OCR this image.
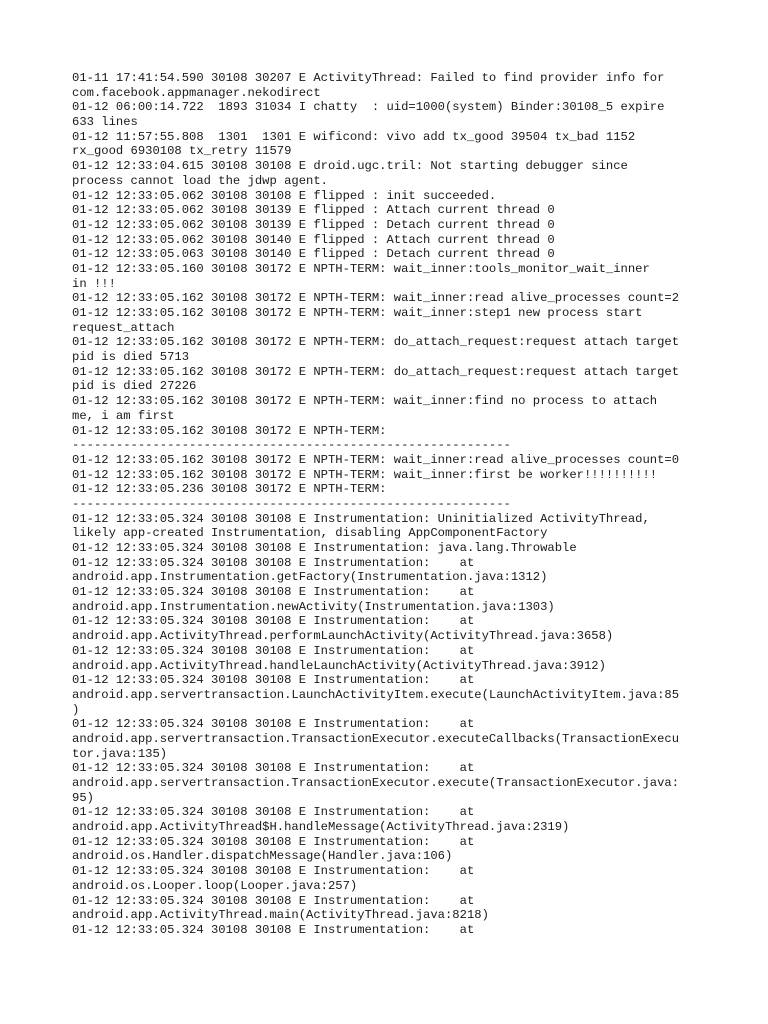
01-11 17:41:54.590 30108 30207 E ActivityThread: Failed to find provider info for
com.facebook.appmanager.nekodirect
01-12 06:00:14.722  1893 31034 I chatty  : uid=1000(system) Binder:30108_5 expire
633 lines
01-12 11:57:55.808  1301  1301 E wificond: vivo add tx_good 39504 tx_bad 1152
rx_good 6930108 tx_retry 11579
01-12 12:33:04.615 30108 30108 E droid.ugc.tril: Not starting debugger since
process cannot load the jdwp agent.
01-12 12:33:05.062 30108 30108 E flipped : init succeeded.
01-12 12:33:05.062 30108 30139 E flipped : Attach current thread 0
01-12 12:33:05.062 30108 30139 E flipped : Detach current thread 0
01-12 12:33:05.062 30108 30140 E flipped : Attach current thread 0
01-12 12:33:05.063 30108 30140 E flipped : Detach current thread 0
01-12 12:33:05.160 30108 30172 E NPTH-TERM: wait_inner:tools_monitor_wait_inner
in !!!
01-12 12:33:05.162 30108 30172 E NPTH-TERM: wait_inner:read alive_processes count=2
01-12 12:33:05.162 30108 30172 E NPTH-TERM: wait_inner:step1 new process start
request_attach
01-12 12:33:05.162 30108 30172 E NPTH-TERM: do_attach_request:request attach target
pid is died 5713
01-12 12:33:05.162 30108 30172 E NPTH-TERM: do_attach_request:request attach target
pid is died 27226
01-12 12:33:05.162 30108 30172 E NPTH-TERM: wait_inner:find no process to attach
me, i am first
01-12 12:33:05.162 30108 30172 E NPTH-TERM:
------------------------------------------------------------
01-12 12:33:05.162 30108 30172 E NPTH-TERM: wait_inner:read alive_processes count=0
01-12 12:33:05.162 30108 30172 E NPTH-TERM: wait_inner:first be worker!!!!!!!!!!
01-12 12:33:05.236 30108 30172 E NPTH-TERM:
------------------------------------------------------------
01-12 12:33:05.324 30108 30108 E Instrumentation: Uninitialized ActivityThread,
likely app-created Instrumentation, disabling AppComponentFactory
01-12 12:33:05.324 30108 30108 E Instrumentation: java.lang.Throwable
01-12 12:33:05.324 30108 30108 E Instrumentation:    at
android.app.Instrumentation.getFactory(Instrumentation.java:1312)
01-12 12:33:05.324 30108 30108 E Instrumentation:    at
android.app.Instrumentation.newActivity(Instrumentation.java:1303)
01-12 12:33:05.324 30108 30108 E Instrumentation:    at
android.app.ActivityThread.performLaunchActivity(ActivityThread.java:3658)
01-12 12:33:05.324 30108 30108 E Instrumentation:    at
android.app.ActivityThread.handleLaunchActivity(ActivityThread.java:3912)
01-12 12:33:05.324 30108 30108 E Instrumentation:    at
android.app.servertransaction.LaunchActivityItem.execute(LaunchActivityItem.java:85
)
01-12 12:33:05.324 30108 30108 E Instrumentation:    at
android.app.servertransaction.TransactionExecutor.executeCallbacks(TransactionExecu
tor.java:135)
01-12 12:33:05.324 30108 30108 E Instrumentation:    at
android.app.servertransaction.TransactionExecutor.execute(TransactionExecutor.java:
95)
01-12 12:33:05.324 30108 30108 E Instrumentation:    at
android.app.ActivityThread$H.handleMessage(ActivityThread.java:2319)
01-12 12:33:05.324 30108 30108 E Instrumentation:    at
android.os.Handler.dispatchMessage(Handler.java:106)
01-12 12:33:05.324 30108 30108 E Instrumentation:    at
android.os.Looper.loop(Looper.java:257)
01-12 12:33:05.324 30108 30108 E Instrumentation:    at
android.app.ActivityThread.main(ActivityThread.java:8218)
01-12 12:33:05.324 30108 30108 E Instrumentation:    at
